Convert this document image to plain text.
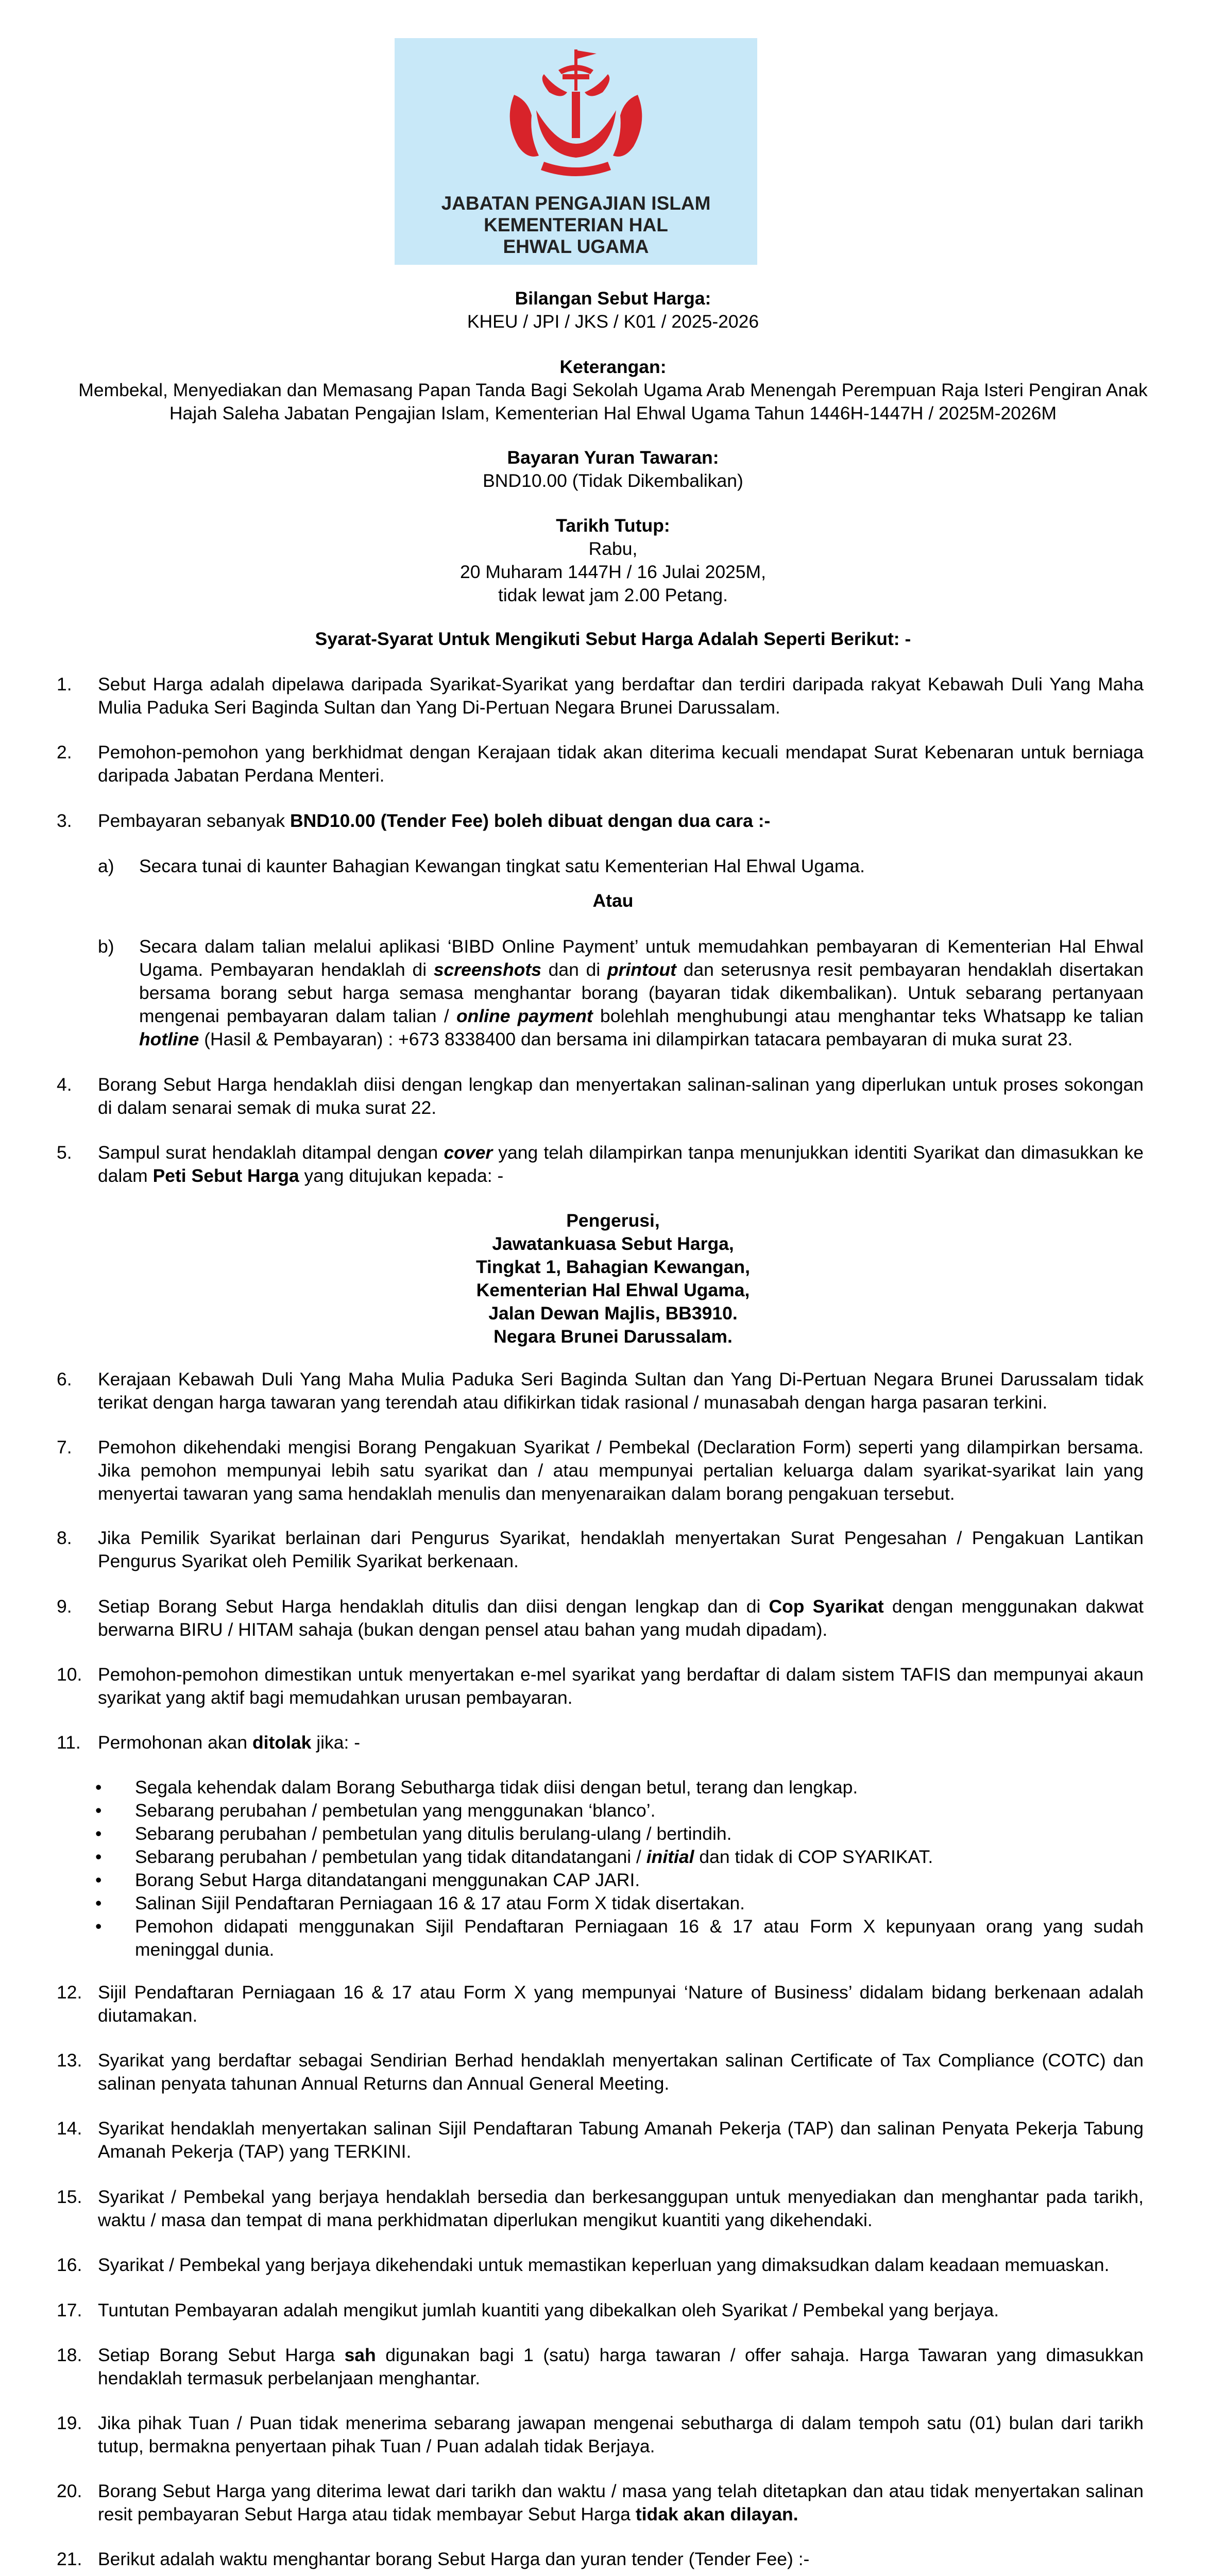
JABATAN PENGAJIAN ISLAM
KEMENTERIAN HAL
EHWAL UGAMA
Bilangan Sebut Harga:
KHEU / JPI / JKS / K01 / 2025-2026
Keterangan:
Membekal, Menyediakan dan Memasang Papan Tanda Bagi Sekolah Ugama Arab Menengah Perempuan Raja Isteri Pengiran Anak
Hajah Saleha Jabatan Pengajian Islam, Kementerian Hal Ehwal Ugama Tahun 1446H-1447H / 2025M-2026M
Bayaran Yuran Tawaran:
BND10.00 (Tidak Dikembalikan)
Tarikh Tutup:
Rabu,
20 Muharam 1447H / 16 Julai 2025M,
tidak lewat jam 2.00 Petang.
Syarat-Syarat Untuk Mengikuti Sebut Harga Adalah Seperti Berikut: -
1.	Sebut Harga adalah dipelawa daripada Syarikat-Syarikat yang berdaftar dan terdiri daripada rakyat Kebawah Duli Yang Maha Mulia Paduka Seri Baginda Sultan dan Yang Di-Pertuan Negara Brunei Darussalam.
2.	Pemohon-pemohon yang berkhidmat dengan Kerajaan tidak akan diterima kecuali mendapat Surat Kebenaran untuk berniaga daripada Jabatan Perdana Menteri.
3.	Pembayaran sebanyak BND10.00 (Tender Fee) boleh dibuat dengan dua cara :-
a)	Secara tunai di kaunter Bahagian Kewangan tingkat satu Kementerian Hal Ehwal Ugama.
Atau
b)	Secara dalam talian melalui aplikasi ‘BIBD Online Payment’ untuk memudahkan pembayaran di Kementerian Hal Ehwal Ugama. Pembayaran hendaklah di screenshots dan di printout dan seterusnya resit pembayaran hendaklah disertakan bersama borang sebut harga semasa menghantar borang (bayaran tidak dikembalikan). Untuk sebarang pertanyaan mengenai pembayaran dalam talian / online payment bolehlah menghubungi atau menghantar teks Whatsapp ke talian hotline (Hasil & Pembayaran) : +673 8338400 dan bersama ini dilampirkan tatacara pembayaran di muka surat 23.
4.	Borang Sebut Harga hendaklah diisi dengan lengkap dan menyertakan salinan-salinan yang diperlukan untuk proses sokongan di dalam senarai semak di muka surat 22.
5.	Sampul surat hendaklah ditampal dengan cover yang telah dilampirkan tanpa menunjukkan identiti Syarikat dan dimasukkan ke dalam Peti Sebut Harga yang ditujukan kepada: -
Pengerusi,
Jawatankuasa Sebut Harga,
Tingkat 1, Bahagian Kewangan,
Kementerian Hal Ehwal Ugama,
Jalan Dewan Majlis, BB3910.
Negara Brunei Darussalam.
6.	Kerajaan Kebawah Duli Yang Maha Mulia Paduka Seri Baginda Sultan dan Yang Di-Pertuan Negara Brunei Darussalam tidak terikat dengan harga tawaran yang terendah atau difikirkan tidak rasional / munasabah dengan harga pasaran terkini.
7.	Pemohon dikehendaki mengisi Borang Pengakuan Syarikat / Pembekal (Declaration Form) seperti yang dilampirkan bersama. Jika pemohon mempunyai lebih satu syarikat dan / atau mempunyai pertalian keluarga dalam syarikat-syarikat lain yang menyertai tawaran yang sama hendaklah menulis dan menyenaraikan dalam borang pengakuan tersebut.
8.	Jika Pemilik Syarikat berlainan dari Pengurus Syarikat, hendaklah menyertakan Surat Pengesahan / Pengakuan Lantikan Pengurus Syarikat oleh Pemilik Syarikat berkenaan.
9.	Setiap Borang Sebut Harga hendaklah ditulis dan diisi dengan lengkap dan di Cop Syarikat dengan menggunakan dakwat berwarna BIRU / HITAM sahaja (bukan dengan pensel atau bahan yang mudah dipadam).
10. Pemohon-pemohon dimestikan untuk menyertakan e-mel syarikat yang berdaftar di dalam sistem TAFIS dan mempunyai akaun syarikat yang aktif bagi memudahkan urusan pembayaran.
11. Permohonan akan ditolak jika: -
• Segala kehendak dalam Borang Sebutharga tidak diisi dengan betul, terang dan lengkap.
• Sebarang perubahan / pembetulan yang menggunakan ‘blanco’.
• Sebarang perubahan / pembetulan yang ditulis berulang-ulang / bertindih.
• Sebarang perubahan / pembetulan yang tidak ditandatangani / initial dan tidak di COP SYARIKAT.
• Borang Sebut Harga ditandatangani menggunakan CAP JARI.
• Salinan Sijil Pendaftaran Perniagaan 16 & 17 atau Form X tidak disertakan.
• Pemohon didapati menggunakan Sijil Pendaftaran Perniagaan 16 & 17 atau Form X kepunyaan orang yang sudah meninggal dunia.
12. Sijil Pendaftaran Perniagaan 16 & 17 atau Form X yang mempunyai ‘Nature of Business’ didalam bidang berkenaan adalah diutamakan.
13. Syarikat yang berdaftar sebagai Sendirian Berhad hendaklah menyertakan salinan Certificate of Tax Compliance (COTC) dan salinan penyata tahunan Annual Returns dan Annual General Meeting.
14. Syarikat hendaklah menyertakan salinan Sijil Pendaftaran Tabung Amanah Pekerja (TAP) dan salinan Penyata Pekerja Tabung Amanah Pekerja (TAP) yang TERKINI.
15. Syarikat / Pembekal yang berjaya hendaklah bersedia dan berkesanggupan untuk menyediakan dan menghantar pada tarikh, waktu / masa dan tempat di mana perkhidmatan diperlukan mengikut kuantiti yang dikehendaki.
16. Syarikat / Pembekal yang berjaya dikehendaki untuk memastikan keperluan yang dimaksudkan dalam keadaan memuaskan.
17. Tuntutan Pembayaran adalah mengikut jumlah kuantiti yang dibekalkan oleh Syarikat / Pembekal yang berjaya.
18. Setiap Borang Sebut Harga sah digunakan bagi 1 (satu) harga tawaran / offer sahaja. Harga Tawaran yang dimasukkan hendaklah termasuk perbelanjaan menghantar.
19. Jika pihak Tuan / Puan tidak menerima sebarang jawapan mengenai sebutharga di dalam tempoh satu (01) bulan dari tarikh tutup, bermakna penyertaan pihak Tuan / Puan adalah tidak Berjaya.
20. Borang Sebut Harga yang diterima lewat dari tarikh dan waktu / masa yang telah ditetapkan dan atau tidak menyertakan salinan resit pembayaran Sebut Harga atau tidak membayar Sebut Harga tidak akan dilayan.
21. Berikut adalah waktu menghantar borang Sebut Harga dan yuran tender (Tender Fee) :-
